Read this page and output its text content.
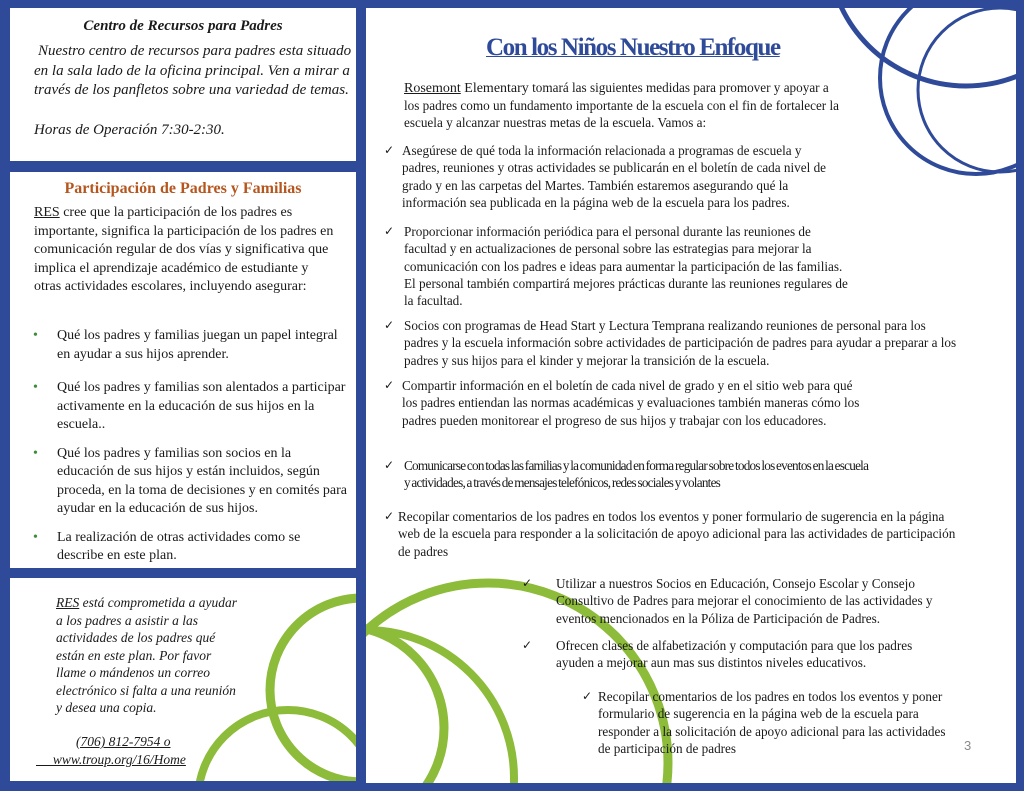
Centro de Recursos para Padres

Nuestro centro de recursos para padres esta situado en la sala lado de la oficina principal. Ven a mirar a través de los panfletos sobre una variedad de temas.

Horas de Operación 7:30-2:30.
Participación de Padres y Familias
RES cree que la participación de los padres es importante, significa la participación de los padres en comunicación regular de dos vías y significativa que implica el aprendizaje académico de estudiante y otras actividades escolares, incluyendo asegurar:
• Qué los padres y familias juegan un papel integral en ayudar a sus hijos aprender.
• Qué los padres y familias son alentados a participar activamente en la educación de sus hijos en la escuela..
• Qué los padres y familias son socios en la educación de sus hijos y están incluidos, según proceda, en la toma de decisiones y en comités para ayudar en la educación de sus hijos.
• La realización de otras actividades como se describe en este plan.
RES está comprometida a ayudar a los padres a asistir a las actividades de los padres qué están en este plan. Por favor llame o mándenos un correo electrónico si falta a una reunión y desea una copia.
(706) 812-7954 o
www.troup.org/16/Home
Con los Niños Nuestro Enfoque
Rosemont Elementary tomará las siguientes medidas para promover y apoyar a los padres como un fundamento importante de la escuela con el fin de fortalecer la escuela y alcanzar nuestras metas de la escuela. Vamos a:
✓ Asegúrese de qué toda la información relacionada a programas de escuela y padres, reuniones y otras actividades se publicarán en el boletín de cada nivel de grado y en las carpetas del Martes. También estaremos asegurando qué la información sea publicada en la página web de la escuela para los padres.
✓ Proporcionar información periódica para el personal durante las reuniones de facultad y en actualizaciones de personal sobre las estrategias para mejorar la comunicación con los padres e ideas para aumentar la participación de las familias. El personal también compartirá mejores prácticas durante las reuniones regulares de la facultad.
✓ Socios con programas de Head Start y Lectura Temprana realizando reuniones de personal para los padres y la escuela información sobre actividades de participación de padres para ayudar a preparar a los padres y sus hijos para el kinder y mejorar la transición de la escuela.
✓ Compartir información en el boletín de cada nivel de grado y en el sitio web para qué los padres entiendan las normas académicas y evaluaciones también maneras cómo los padres pueden monitorear el progreso de sus hijos y trabajar con los educadores.
✓ Comunicarse con todas las familias y la comunidad en forma regular sobre todos los eventos en la escuela y actividades, a través de mensajes telefónicos, redes sociales y volantes
✓ Recopilar comentarios de los padres en todos los eventos y poner formulario de sugerencia en la página web de la escuela para responder a la solicitación de apoyo adicional para las actividades de participación de padres
✓ Utilizar a nuestros Socios en Educación, Consejo Escolar y Consejo Consultivo de Padres para mejorar el conocimiento de las actividades y eventos mencionados en la Póliza de Participación de Padres.
✓ Ofrecen clases de alfabetización y computación para que los padres ayuden a mejorar aun mas sus distintos niveles educativos.
✓ Recopilar comentarios de los padres en todos los eventos y poner formulario de sugerencia en la página web de la escuela para responder a la solicitación de apoyo adicional para las actividades de participación de padres	3
